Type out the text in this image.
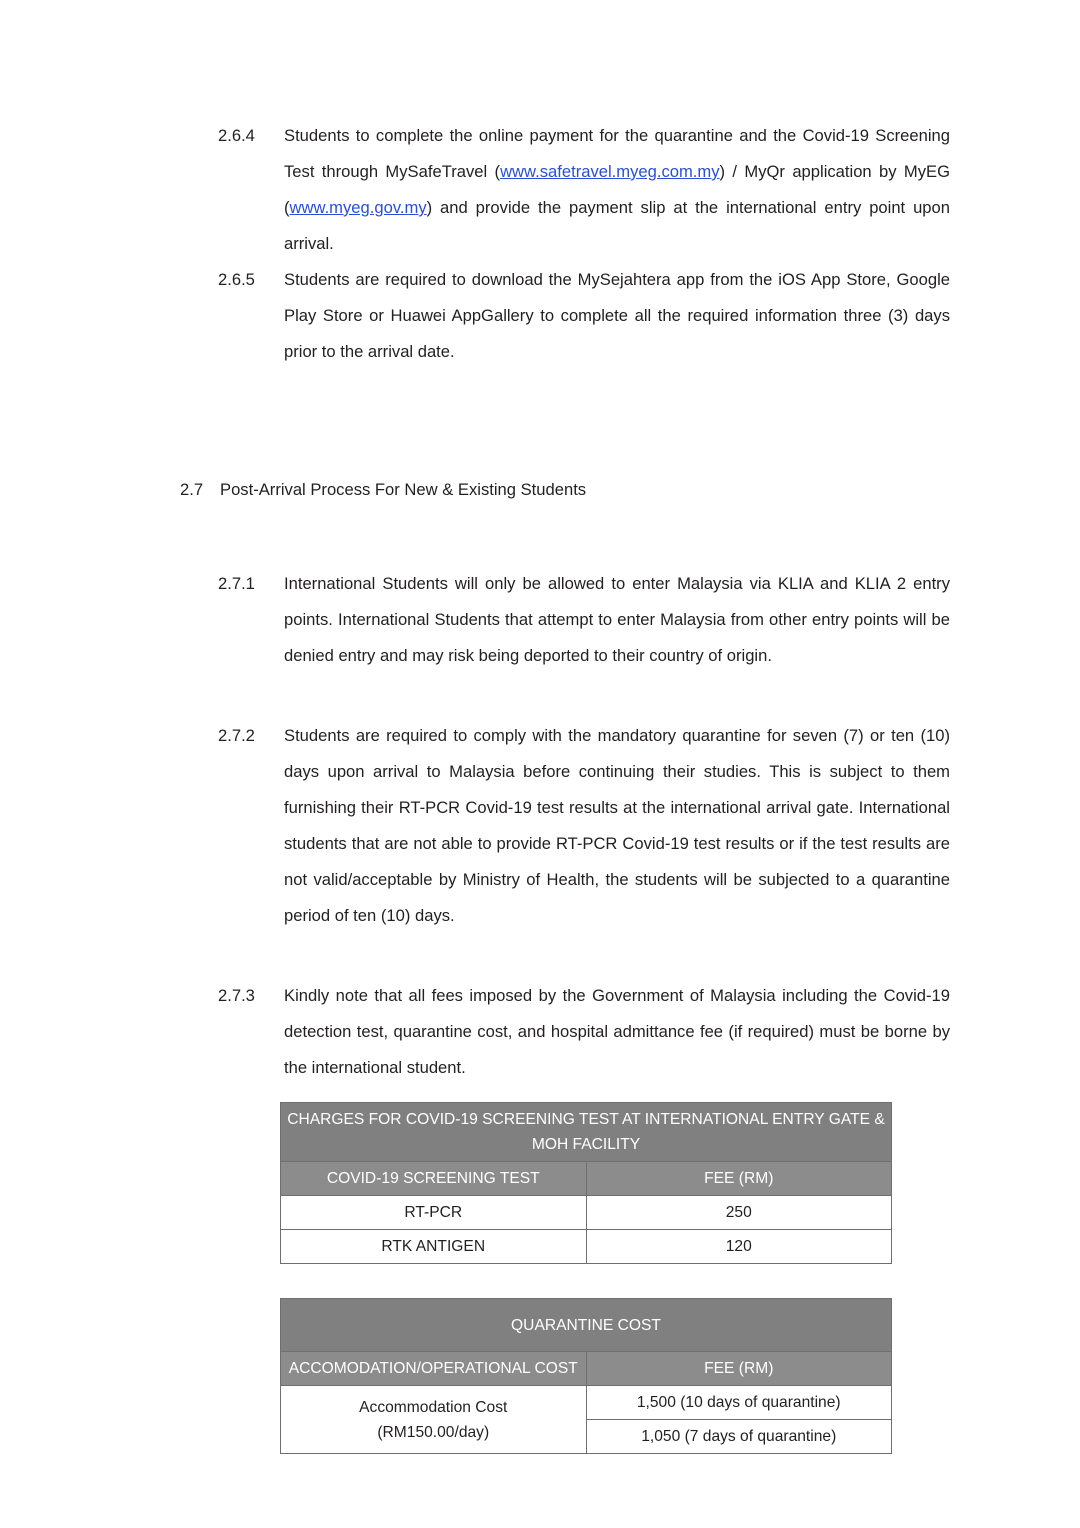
2.6.4	Students to complete the online payment for the quarantine and the Covid-19 Screening Test through MySafeTravel (www.safetravel.myeg.com.my) / MyQr application by MyEG (www.myeg.gov.my) and provide the payment slip at the international entry point upon arrival.
2.6.5	Students are required to download the MySejahtera app from the iOS App Store, Google Play Store or Huawei AppGallery to complete all the required information three (3) days prior to the arrival date.
2.7	Post-Arrival Process For New & Existing Students
2.7.1	International Students will only be allowed to enter Malaysia via KLIA and KLIA 2 entry points. International Students that attempt to enter Malaysia from other entry points will be denied entry and may risk being deported to their country of origin.
2.7.2	Students are required to comply with the mandatory quarantine for seven (7) or ten (10) days upon arrival to Malaysia before continuing their studies. This is subject to them furnishing their RT-PCR Covid-19 test results at the international arrival gate. International students that are not able to provide RT-PCR Covid-19 test results or if the test results are not valid/acceptable by Ministry of Health, the students will be subjected to a quarantine period of ten (10) days.
2.7.3	Kindly note that all fees imposed by the Government of Malaysia including the Covid-19 detection test, quarantine cost, and hospital admittance fee (if required) must be borne by the international student.
CHARGES FOR COVID-19 SCREENING TEST AT INTERNATIONAL ENTRY GATE & MOH FACILITY	
COVID-19 SCREENING TEST	FEE (RM)
RT-PCR	250
RTK ANTIGEN	120
QUARANTINE COST	
ACCOMODATION/OPERATIONAL COST	FEE (RM)

Accommodation Cost
(RM150.00/day)	1,500 (10 days of quarantine)
	1,050 (7 days of quarantine)
